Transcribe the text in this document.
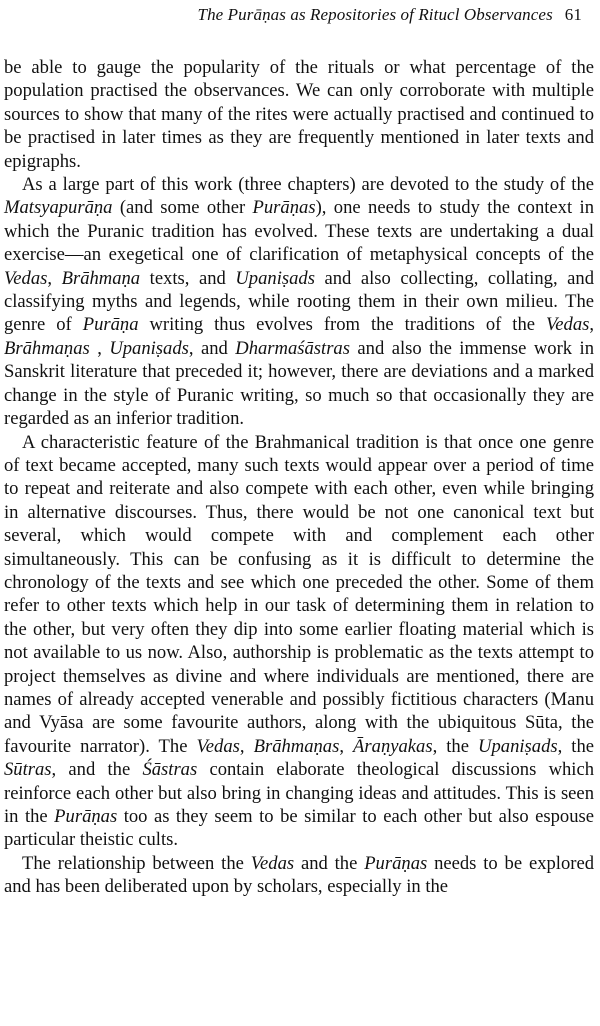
The Purāṇas as Repositories of Ritucl Observances 61

be able to gauge the popularity of the rituals or what percentage of the population practised the observances. We can only corroborate with multiple sources to show that many of the rites were actually practised and continued to be practised in later times as they are frequently mentioned in later texts and epigraphs.

As a large part of this work (three chapters) are devoted to the study of the Matsyapurāṇa (and some other Purāṇas), one needs to study the context in which the Puranic tradition has evolved. These texts are undertaking a dual exercise—an exegetical one of clarification of metaphysical concepts of the Vedas, Brāhmaṇa texts, and Upaniṣads and also collecting, collating, and classifying myths and legends, while rooting them in their own milieu. The genre of Purāṇa writing thus evolves from the traditions of the Vedas, Brāhmaṇas , Upaniṣads, and Dharmaśāstras and also the immense work in Sanskrit literature that preceded it; however, there are deviations and a marked change in the style of Puranic writing, so much so that occasionally they are regarded as an inferior tradition.

A characteristic feature of the Brahmanical tradition is that once one genre of text became accepted, many such texts would appear over a period of time to repeat and reiterate and also compete with each other, even while bringing in alternative discourses. Thus, there would be not one canonical text but several, which would compete with and complement each other simultaneously. This can be confusing as it is difficult to determine the chronology of the texts and see which one preceded the other. Some of them refer to other texts which help in our task of determining them in relation to the other, but very often they dip into some earlier floating material which is not available to us now. Also, authorship is problematic as the texts attempt to project themselves as divine and where individuals are mentioned, there are names of already accepted venerable and possibly fictitious characters (Manu and Vyāsa are some favourite authors, along with the ubiquitous Sūta, the favourite narrator). The Vedas, Brāhmaṇas, Āraṇyakas, the Upaniṣads, the Sūtras, and the Śāstras contain elaborate theological discussions which reinforce each other but also bring in changing ideas and attitudes. This is seen in the Purāṇas too as they seem to be similar to each other but also espouse particular theistic cults.

The relationship between the Vedas and the Purāṇas needs to be explored and has been deliberated upon by scholars, especially in the
